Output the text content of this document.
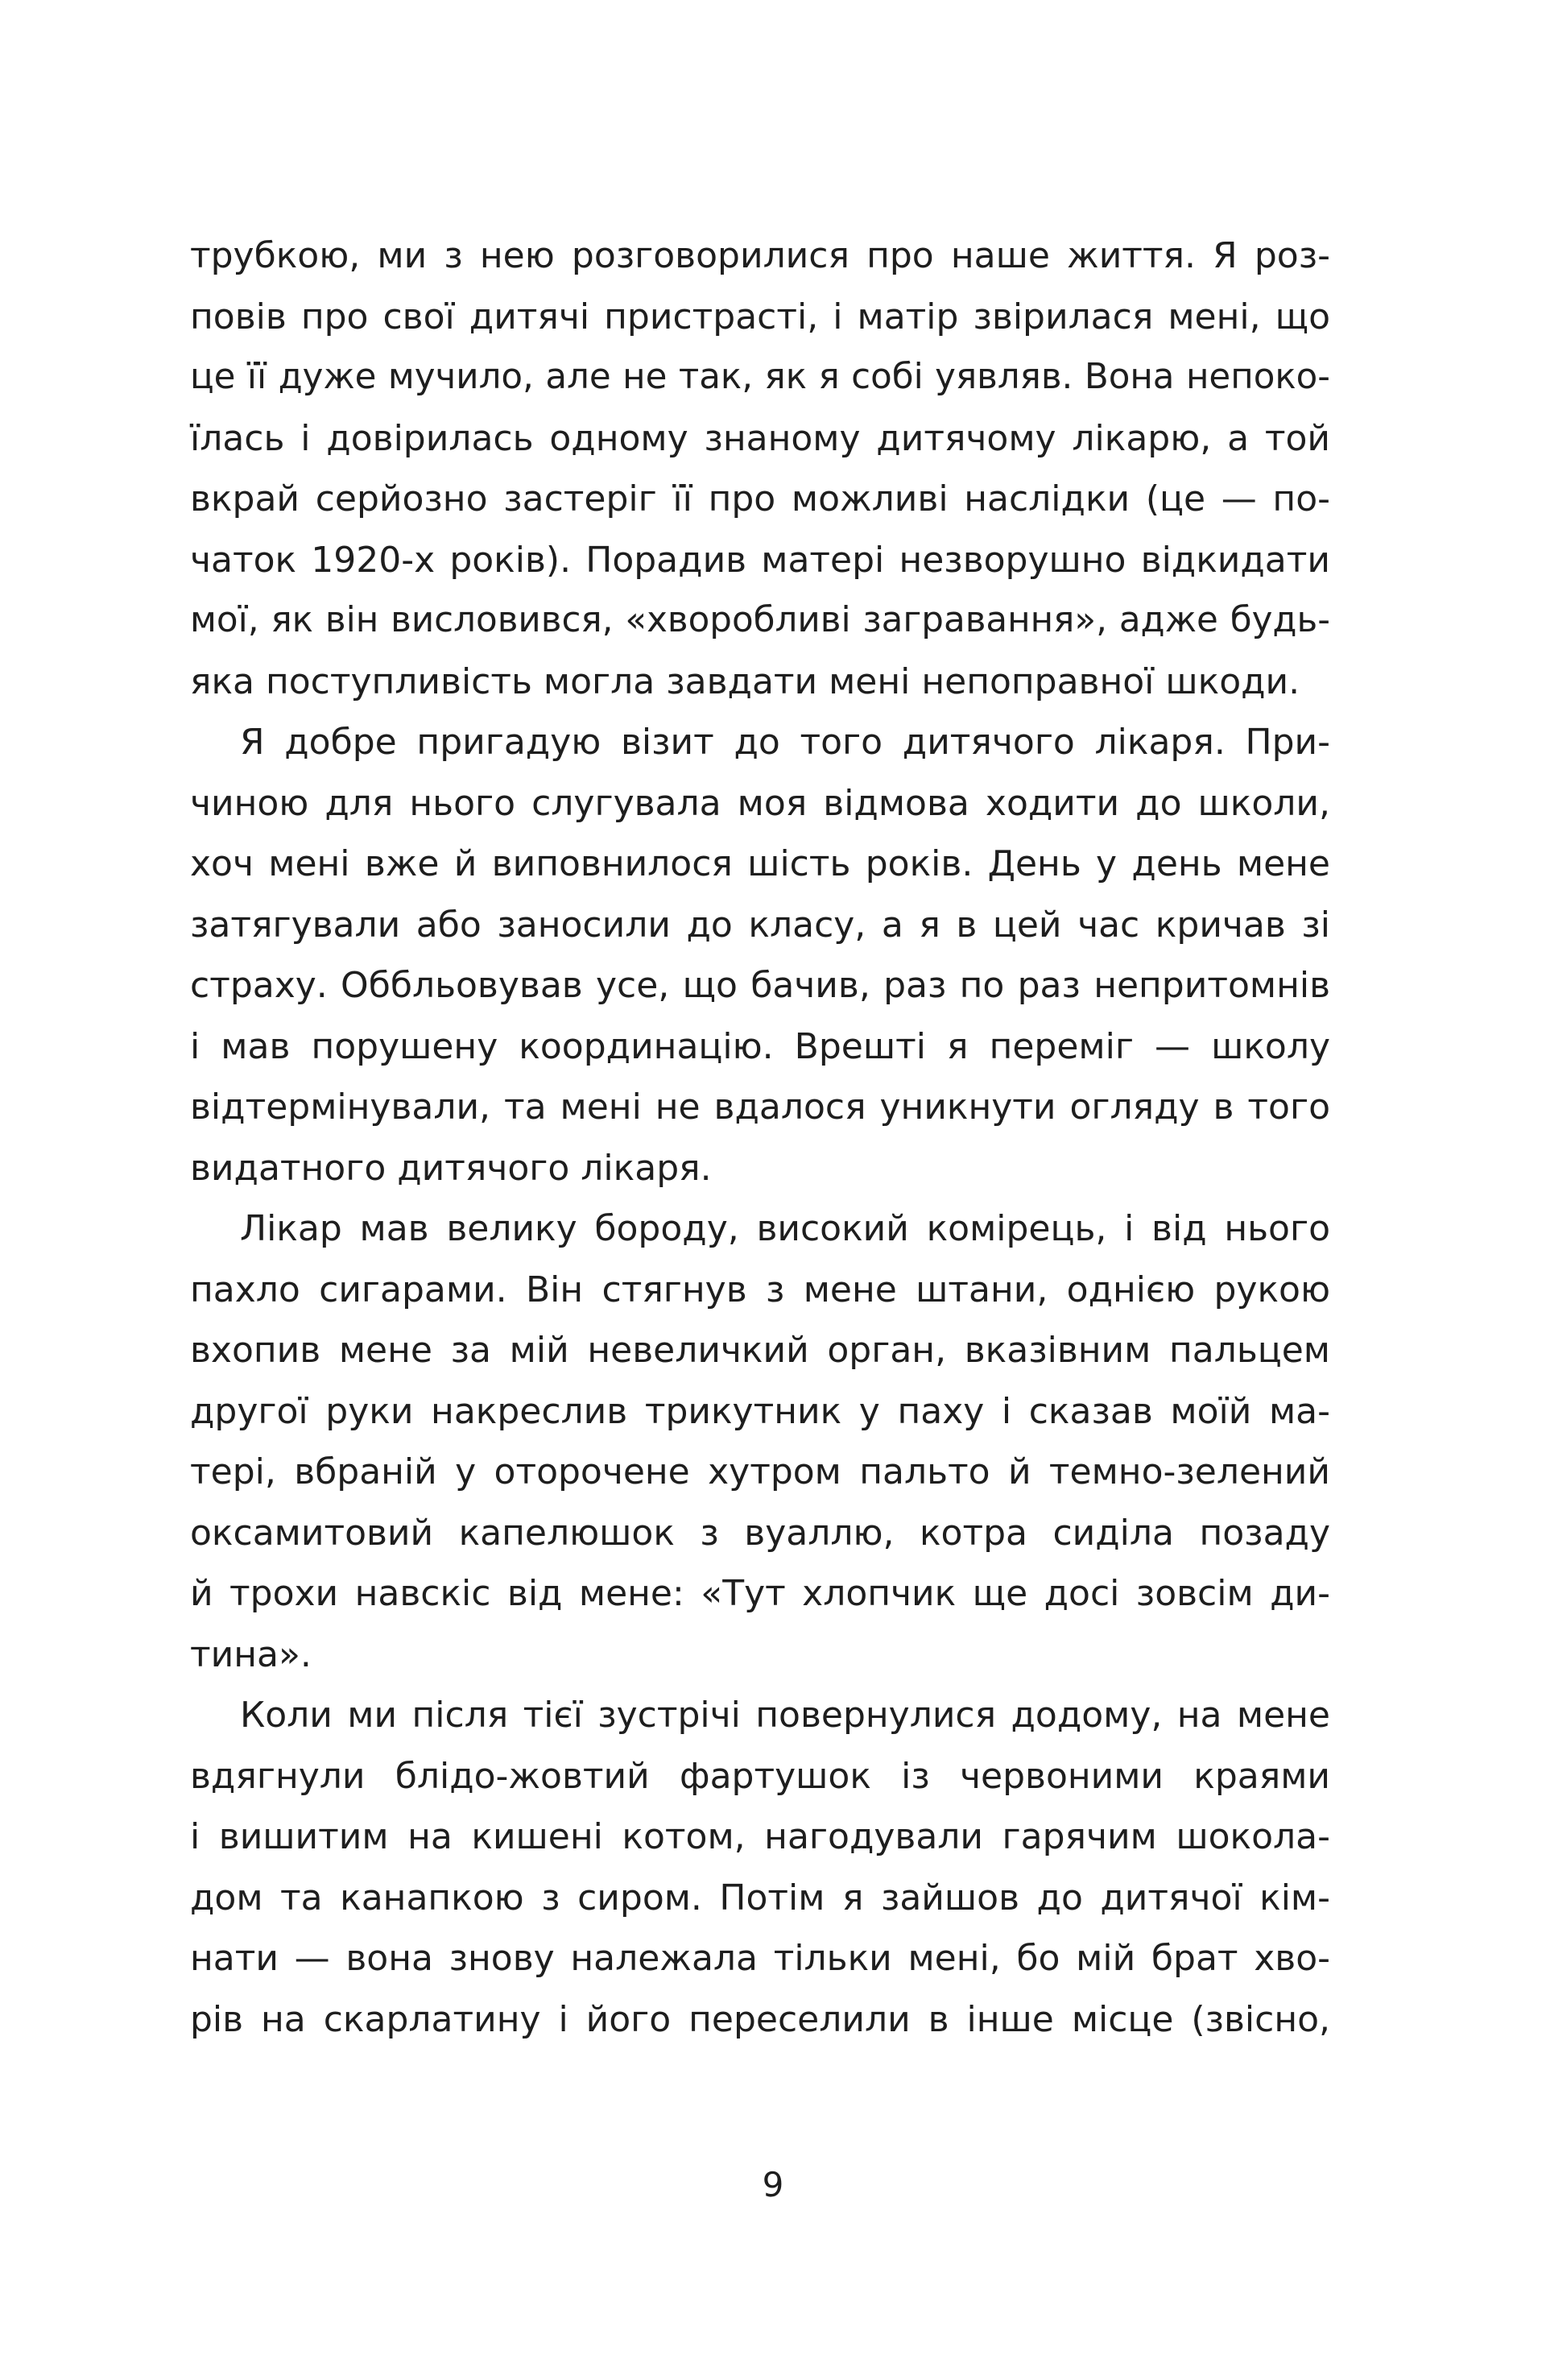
трубкою, ми з нею розговорилися про наше життя. Я роз-
повів про свої дитячі пристрасті, і матір звірилася мені, що
це її дуже мучило, але не так, як я собі уявляв. Вона непоко-
їлась і довірилась одному знаному дитячому лікарю, а той
вкрай серйозно застеріг її про можливі наслідки (це — по-
чаток 1920-х років). Порадив матері незворушно відкидати
мої, як він висловився, «хворобливі загравання», адже будь-
яка поступливість могла завдати мені непоправної шкоди.
Я добре пригадую візит до того дитячого лікаря. При-
чиною для нього слугувала моя відмова ходити до школи,
хоч мені вже й виповнилося шість років. День у день мене
затягували або заносили до класу, а я в цей час кричав зі
страху. Оббльовував усе, що бачив, раз по раз непритомнів
і мав порушену координацію. Врешті я переміг — школу
відтермінували, та мені не вдалося уникнути огляду в того
видатного дитячого лікаря.
Лікар мав велику бороду, високий комірець, і від нього
пахло сигарами. Він стягнув з мене штани, однією рукою
вхопив мене за мій невеличкий орган, вказівним пальцем
другої руки накреслив трикутник у паху і сказав моїй ма-
тері, вбраній у оторочене хутром пальто й темно-зелений
оксамитовий капелюшок з вуаллю, котра сиділа позаду
й трохи навскіс від мене: «Тут хлопчик ще досі зовсім ди-
тина».
Коли ми після тієї зустрічі повернулися додому, на мене
вдягнули блідо-жовтий фартушок із червоними краями
і вишитим на кишені котом, нагодували гарячим шокола-
дом та канапкою з сиром. Потім я зайшов до дитячої кім-
нати — вона знову належала тільки мені, бо мій брат хво-
рів на скарлатину і його переселили в інше місце (звісно,
9
